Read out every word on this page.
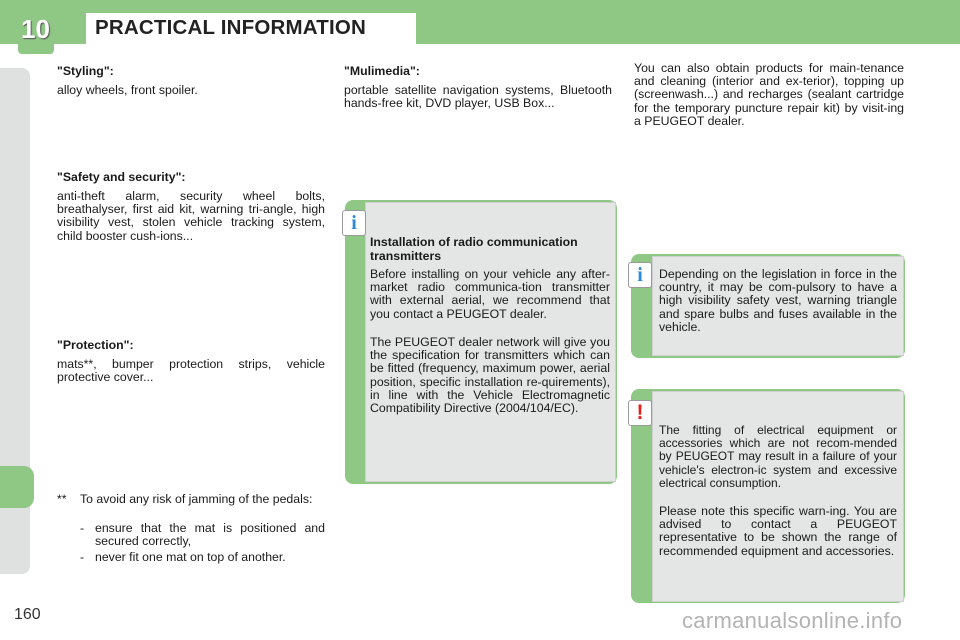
10 PRACTICAL INFORMATION
"Styling":
alloy wheels, front spoiler.
"Safety and security":
anti-theft alarm, security wheel bolts, breathalyser, first aid kit, warning tri-angle, high visibility vest, stolen vehicle tracking system, child booster cush-ions...
"Protection":
mats**, bumper protection strips, vehicle protective cover...
** To avoid any risk of jamming of the pedals:
- ensure that the mat is positioned and secured correctly,
- never fit one mat on top of another.
"Mulimedia":
portable satellite navigation systems, Bluetooth hands-free kit, DVD player, USB Box...
i
Installation of radio communication transmitters
Before installing on your vehicle any after-market radio communica-tion transmitter with external aerial, we recommend that you contact a PEUGEOT dealer.
The PEUGEOT dealer network will give you the specification for transmitters which can be fitted (frequency, maximum power, aerial position, specific installation re-quirements), in line with the Vehicle Electromagnetic Compatibility Directive (2004/104/EC).
You can also obtain products for main-tenance and cleaning (interior and ex-terior), topping up (screenwash...) and recharges (sealant cartridge for the temporary puncture repair kit) by visit-ing a PEUGEOT dealer.
i	Depending on the legislation in force in the country, it may be com-pulsory to have a high visibility safety vest, warning triangle and spare bulbs and fuses available in the vehicle.
!
The fitting of electrical equipment or accessories which are not recom-mended by PEUGEOT may result in a failure of your vehicle's electron-ic system and excessive electrical consumption.
Please note this specific warn-ing. You are advised to contact a PEUGEOT representative to be shown the range of recommended equipment and accessories.
160	carmanualsonline.info
